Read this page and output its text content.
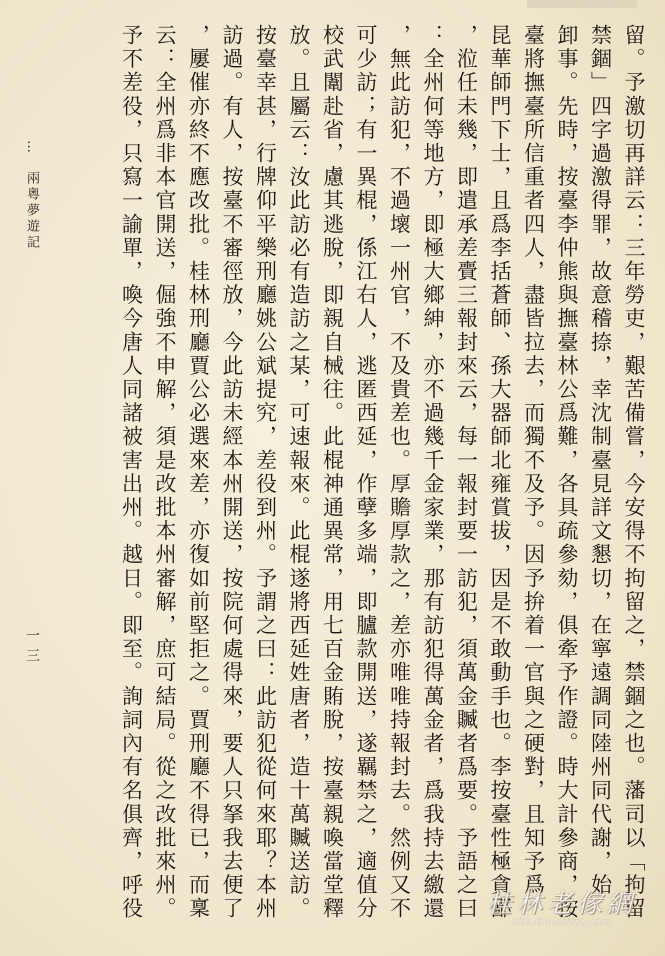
留。予激切再詳云：三年勞吏，艱苦備嘗，今安得不拘留之，禁錮之也。藩司以「拘留
禁錮」四字過激得罪，故意稽捺，幸沈制臺見詳文懇切，在寧遠調同陸州同代謝，始
卸事。先時，按臺李仲熊與撫臺林公爲難，各具疏參劾，俱牽予作證。時大計參商，按
臺將撫臺所信重者四人，盡皆拉去，而獨不及予。因予拚着一官與之硬對，且知予爲
昆華師門下士，且爲李括蒼師、孫大器師北雍賞拔，因是不敢動手也。李按臺性極貪鄙
，涖任未幾，即遣承差賷三報封來云，每一報封要一訪犯，須萬金贓者爲要。予語之曰
：全州何等地方，即極大鄉紳，亦不過幾千金家業，那有訪犯得萬金者，爲我持去繳還
，無此訪犯，不過壞一州官，不及貴差也。厚贍厚款之，差亦唯唯持報封去。然例又不
可少訪；有一異棍，係江右人，逃匿西延，作孽多端，即臚款開送，遂羈禁之，適值分
校武闈赴省，慮其逃脫，即親自械往。此棍神通異常，用七百金賄脫，按臺親喚當堂釋
放。且屬云：汝此訪必有造訪之某，可速報來。此棍遂將西延姓唐者，造十萬贓送訪。
按臺幸甚，行牌仰平樂刑廳姚公斌提究，差役到州。予謂之曰：此訪犯從何來耶？本州
訪過。有人，按臺不審徑放，今此訪未經本州開送，按院何處得來，要人只拏我去便了
，屢催亦終不應改批。桂林刑廳賈公必選來差，亦復如前堅拒之。賈刑廳不得已，而稟
云：全州爲非本官開送，倔強不申解，須是改批本州審解，庶可結局。從之改批來州。
予不差役，只寫一諭單，喚今唐人同諸被害出州。越日。即至。詢詞內有名俱齊，呼役
… 兩粵夢遊記
一三
桂林老傢網
bbs.Guilinlife.com
